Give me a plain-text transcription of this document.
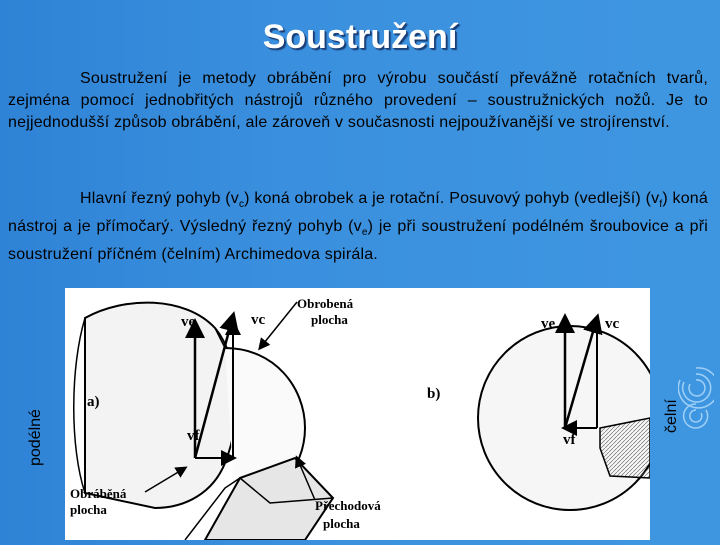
Soustružení
Soustružení je metody obrábění pro výrobu součástí převážně rotačních tvarů, zejména pomocí jednobřitých nástrojů různého provedení – soustružnických nožů. Je to nejjednodušší způsob obrábění, ale zároveň v současnosti nejpoužívanější ve strojírenství.
Hlavní řezný pohyb $(v_c)$ koná obrobek a je rotační. Posuvový pohyb (vedlejší) $(v_f)$ koná nástroj a je přímočarý. Výsledný řezný pohyb $(v_e)$ je při soustružení podélném šroubovice a při soustružení příčném (čelním) Archimedova spirála.
podélné	čelní
ve	vc
vf
a)
Obrobená
plocha
Obráběná
plocha	Přechodová
plocha
b)
ve	vc
vf
